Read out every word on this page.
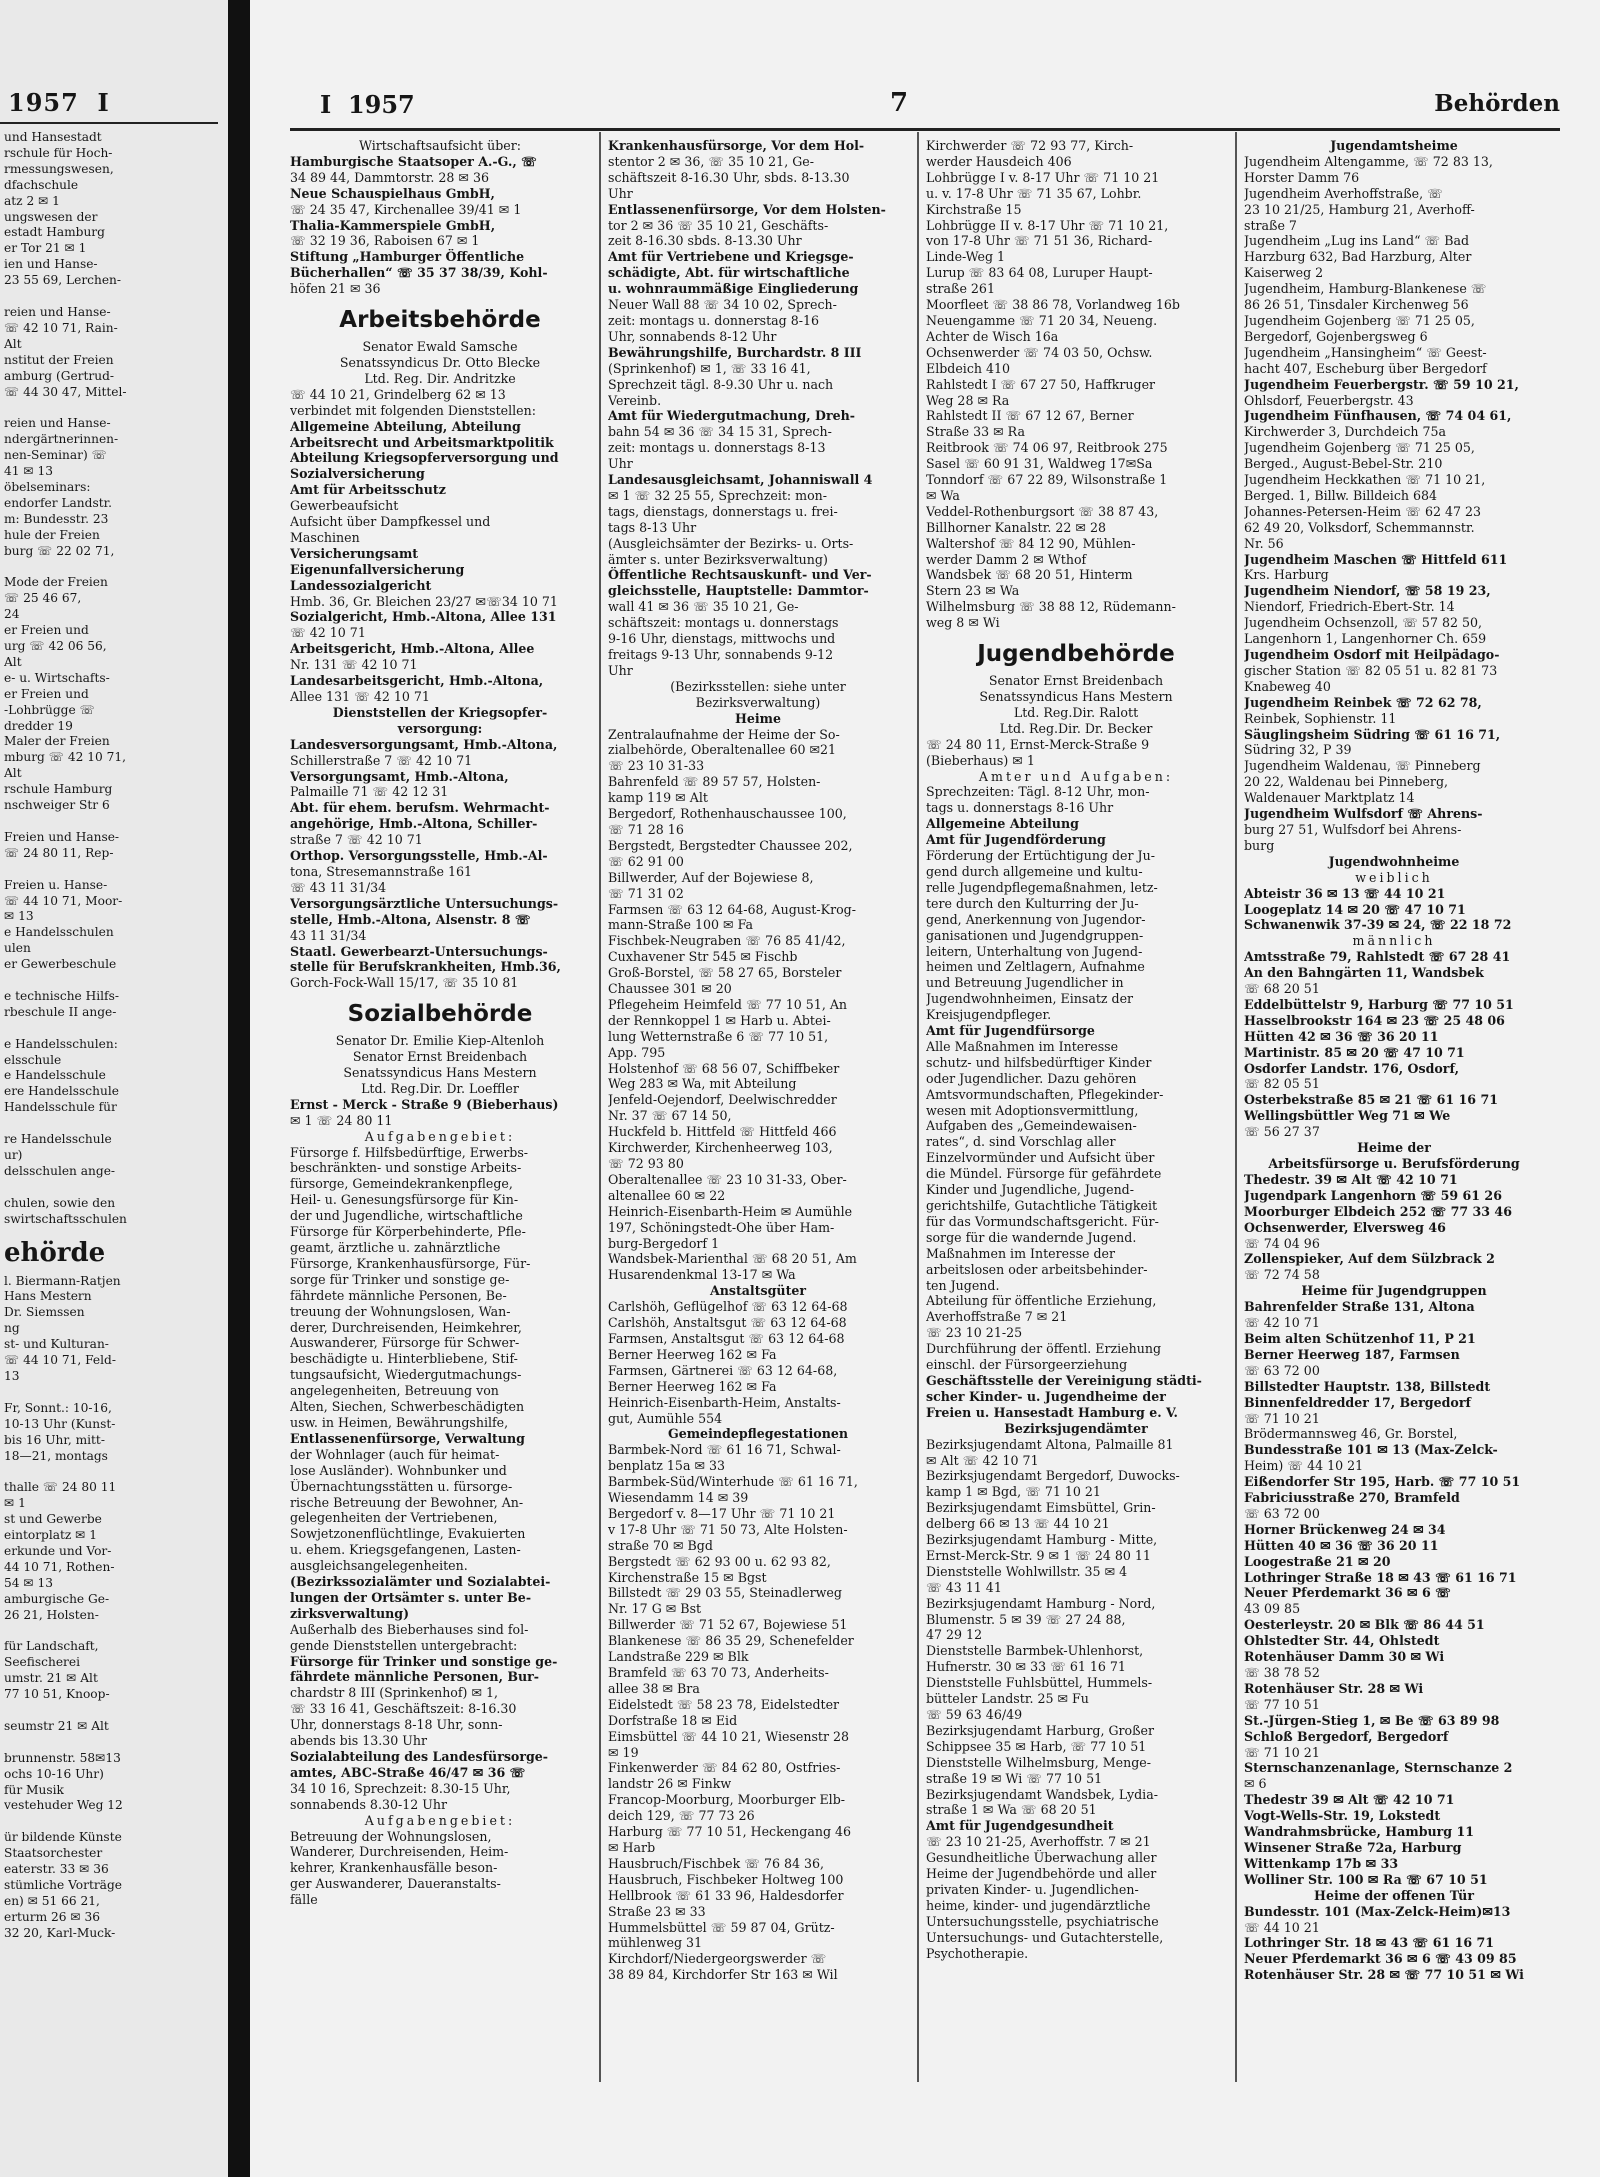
1957 I
und Hansestadt
rschule für Hoch-
rmessungswesen,
dfachschule
atz 2 ✉ 1
ungswesen der
estadt Hamburg
er Tor 21 ✉ 1
ien und Hanse-
23 55 69, Lerchen-

reien und Hanse-
☏ 42 10 71, Rain-
Alt
nstitut der Freien
amburg (Gertrud-
☏ 44 30 47, Mittel-

reien und Hanse-
ndergärtnerinnen-
nen-Seminar) ☏
41 ✉ 13
öbelseminars:
endorfer Landstr.
m: Bundesstr. 23
hule der Freien
burg ☏ 22 02 71,

Mode der Freien
☏ 25 46 67,
24
er Freien und
urg ☏ 42 06 56,
Alt
e- u. Wirtschafts-
er Freien und
-Lohbrügge ☏
dredder 19
Maler der Freien
mburg ☏ 42 10 71,
Alt
rschule Hamburg
nschweiger Str 6

Freien und Hanse-
☏ 24 80 11, Rep-

Freien u. Hanse-
☏ 44 10 71, Moor-
✉ 13
e Handelsschulen
ulen
er Gewerbeschule

e technische Hilfs-
rbeschule II ange-

e Handelsschulen:
elsschule
e Handelsschule
ere Handelsschule
Handelsschule für

re Handelsschule
ur)
delsschulen ange-

chulen, sowie den
swirtschaftsschulen
ehörde
l. Biermann-Ratjen
Hans Mestern
Dr. Siemssen
ng
st- und Kulturan-
☏ 44 10 71, Feld-
13

Fr, Sonnt.: 10-16,
10-13 Uhr (Kunst-
bis 16 Uhr, mitt-
18—21, montags

thalle ☏ 24 80 11
✉ 1
st und Gewerbe
eintorplatz ✉ 1
erkunde und Vor-
44 10 71, Rothen-
54 ✉ 13
amburgische Ge-
26 21, Holsten-

für Landschaft,
Seefischerei
umstr. 21 ✉ Alt
77 10 51, Knoop-

seumstr 21 ✉ Alt

brunnenstr. 58✉13
ochs 10-16 Uhr)
für Musik
vestehuder Weg 12

ür bildende Künste
Staatsorchester
eaterstr. 33 ✉ 36
stümliche Vorträge
en) ✉ 51 66 21,
erturm 26 ✉ 36
32 20, Karl-Muck-
I 1957	7	Behörden
Wirtschaftsaufsicht über:
Hamburgische Staatsoper A.-G., ☏
34 89 44, Dammtorstr. 28 ✉ 36
Neue Schauspielhaus GmbH,
☏ 24 35 47, Kirchenallee 39/41 ✉ 1
Thalia-Kammerspiele GmbH,
☏ 32 19 36, Raboisen 67 ✉ 1
Stiftung „Hamburger Öffentliche
Bücherhallen“ ☏ 35 37 38/39, Kohl-
höfen 21 ✉ 36
Arbeitsbehörde
Senator Ewald Samsche
Senatssyndicus Dr. Otto Blecke
Ltd. Reg. Dir. Andritzke
☏ 44 10 21, Grindelberg 62 ✉ 13
verbindet mit folgenden Dienststellen:
Allgemeine Abteilung, Abteilung
Arbeitsrecht und Arbeitsmarktpolitik
Abteilung Kriegsopferversorgung und
Sozialversicherung
Amt für Arbeitsschutz
Gewerbeaufsicht
Aufsicht über Dampfkessel und
Maschinen
Versicherungsamt
Eigenunfallversicherung
Landessozialgericht
Hmb. 36, Gr. Bleichen 23/27 ✉☏34 10 71
Sozialgericht, Hmb.-Altona, Allee 131
☏ 42 10 71
Arbeitsgericht, Hmb.-Altona, Allee
Nr. 131 ☏ 42 10 71
Landesarbeitsgericht, Hmb.-Altona,
Allee 131 ☏ 42 10 71
Dienststellen der Kriegsopfer-
versorgung:
Landesversorgungsamt, Hmb.-Altona,
Schillerstraße 7 ☏ 42 10 71
Versorgungsamt, Hmb.-Altona,
Palmaille 71 ☏ 42 12 31
Abt. für ehem. berufsm. Wehrmacht-
angehörige, Hmb.-Altona, Schiller-
straße 7 ☏ 42 10 71
Orthop. Versorgungsstelle, Hmb.-Al-
tona, Stresemannstraße 161
☏ 43 11 31/34
Versorgungsärztliche Untersuchungs-
stelle, Hmb.-Altona, Alsenstr. 8 ☏
43 11 31/34
Staatl. Gewerbearzt-Untersuchungs-
stelle für Berufskrankheiten, Hmb.36,
Gorch-Fock-Wall 15/17, ☏ 35 10 81
Sozialbehörde
Senator Dr. Emilie Kiep-Altenloh
Senator Ernst Breidenbach
Senatssyndicus Hans Mestern
Ltd. Reg.Dir. Dr. Loeffler
Ernst - Merck - Straße 9 (Bieberhaus)
✉ 1 ☏ 24 80 11
Aufgabengebiet:
Fürsorge f. Hilfsbedürftige, Erwerbs-
beschränkten- und sonstige Arbeits-
fürsorge, Gemeindekrankenpflege,
Heil- u. Genesungsfürsorge für Kin-
der und Jugendliche, wirtschaftliche
Fürsorge für Körperbehinderte, Pfle-
geamt, ärztliche u. zahnärztliche
Fürsorge, Krankenhausfürsorge, Für-
sorge für Trinker und sonstige ge-
fährdete männliche Personen, Be-
treuung der Wohnungslosen, Wan-
derer, Durchreisenden, Heimkehrer,
Auswanderer, Fürsorge für Schwer-
beschädigte u. Hinterbliebene, Stif-
tungsaufsicht, Wiedergutmachungs-
angelegenheiten, Betreuung von
Alten, Siechen, Schwerbeschädigten
usw. in Heimen, Bewährungshilfe,
Entlassenenfürsorge, Verwaltung
der Wohnlager (auch für heimat-
lose Ausländer). Wohnbunker und
Übernachtungsstätten u. fürsorge-
rische Betreuung der Bewohner, An-
gelegenheiten der Vertriebenen,
Sowjetzonenflüchtlinge, Evakuierten
u. ehem. Kriegsgefangenen, Lasten-
ausgleichsangelegenheiten.
(Bezirkssozialämter und Sozialabtei-
lungen der Ortsämter s. unter Be-
zirksverwaltung)
Außerhalb des Bieberhauses sind fol-
gende Dienststellen untergebracht:
Fürsorge für Trinker und sonstige ge-
fährdete männliche Personen, Bur-
chardstr 8 III (Sprinkenhof) ✉ 1,
☏ 33 16 41, Geschäftszeit: 8-16.30
Uhr, donnerstags 8-18 Uhr, sonn-
abends bis 13.30 Uhr
Sozialabteilung des Landesfürsorge-
amtes, ABC-Straße 46/47 ✉ 36 ☏
34 10 16, Sprechzeit: 8.30-15 Uhr,
sonnabends 8.30-12 Uhr
Aufgabengebiet:
Betreuung der Wohnungslosen,
Wanderer, Durchreisenden, Heim-
kehrer, Krankenhausfälle beson-
ger Auswanderer, Daueranstalts-
fälle
Krankenhausfürsorge, Vor dem Hol-
stentor 2 ✉ 36, ☏ 35 10 21, Ge-
schäftszeit 8-16.30 Uhr, sbds. 8-13.30
Uhr
Entlassenenfürsorge, Vor dem Holsten-
tor 2 ✉ 36 ☏ 35 10 21, Geschäfts-
zeit 8-16.30 sbds. 8-13.30 Uhr
Amt für Vertriebene und Kriegsge-
schädigte, Abt. für wirtschaftliche
u. wohnraummäßige Eingliederung
Neuer Wall 88 ☏ 34 10 02, Sprech-
zeit: montags u. donnerstag 8-16
Uhr, sonnabends 8-12 Uhr
Bewährungshilfe, Burchardstr. 8 III
(Sprinkenhof) ✉ 1, ☏ 33 16 41,
Sprechzeit tägl. 8-9.30 Uhr u. nach
Vereinb.
Amt für Wiedergutmachung, Dreh-
bahn 54 ✉ 36 ☏ 34 15 31, Sprech-
zeit: montags u. donnerstags 8-13
Uhr
Landesausgleichsamt, Johanniswall 4
✉ 1 ☏ 32 25 55, Sprechzeit: mon-
tags, dienstags, donnerstags u. frei-
tags 8-13 Uhr
(Ausgleichsämter der Bezirks- u. Orts-
ämter s. unter Bezirksverwaltung)
Öffentliche Rechtsauskunft- und Ver-
gleichsstelle, Hauptstelle: Dammtor-
wall 41 ✉ 36 ☏ 35 10 21, Ge-
schäftszeit: montags u. donnerstags
9-16 Uhr, dienstags, mittwochs und
freitags 9-13 Uhr, sonnabends 9-12
Uhr
(Bezirksstellen: siehe unter
Bezirksverwaltung)
Heime
Zentralaufnahme der Heime der So-
zialbehörde, Oberaltenallee 60 ✉21
☏ 23 10 31-33
Bahrenfeld ☏ 89 57 57, Holsten-
kamp 119 ✉ Alt
Bergedorf, Rothenhauschaussee 100,
☏ 71 28 16
Bergstedt, Bergstedter Chaussee 202,
☏ 62 91 00
Billwerder, Auf der Bojewiese 8,
☏ 71 31 02
Farmsen ☏ 63 12 64-68, August-Krog-
mann-Straße 100 ✉ Fa
Fischbek-Neugraben ☏ 76 85 41/42,
Cuxhavener Str 545 ✉ Fischb
Groß-Borstel, ☏ 58 27 65, Borsteler
Chaussee 301 ✉ 20
Pflegeheim Heimfeld ☏ 77 10 51, An
der Rennkoppel 1 ✉ Harb u. Abtei-
lung Wetternstraße 6 ☏ 77 10 51,
App. 795
Holstenhof ☏ 68 56 07, Schiffbeker
Weg 283 ✉ Wa, mit Abteilung
Jenfeld-Oejendorf, Deelwischredder
Nr. 37 ☏ 67 14 50,
Huckfeld b. Hittfeld ☏ Hittfeld 466
Kirchwerder, Kirchenheerweg 103,
☏ 72 93 80
Oberaltenallee ☏ 23 10 31-33, Ober-
altenallee 60 ✉ 22
Heinrich-Eisenbarth-Heim ✉ Aumühle
197, Schöningstedt-Ohe über Ham-
burg-Bergedorf 1
Wandsbek-Marienthal ☏ 68 20 51, Am
Husarendenkmal 13-17 ✉ Wa
Anstaltsgüter
Carlshöh, Geflügelhof ☏ 63 12 64-68
Carlshöh, Anstaltsgut ☏ 63 12 64-68
Farmsen, Anstaltsgut ☏ 63 12 64-68
Berner Heerweg 162 ✉ Fa
Farmsen, Gärtnerei ☏ 63 12 64-68,
Berner Heerweg 162 ✉ Fa
Heinrich-Eisenbarth-Heim, Anstalts-
gut, Aumühle 554
Gemeindepflegestationen
Barmbek-Nord ☏ 61 16 71, Schwal-
benplatz 15a ✉ 33
Barmbek-Süd/Winterhude ☏ 61 16 71,
Wiesendamm 14 ✉ 39
Bergedorf v. 8—17 Uhr ☏ 71 10 21
v 17-8 Uhr ☏ 71 50 73, Alte Holsten-
straße 70 ✉ Bgd
Bergstedt ☏ 62 93 00 u. 62 93 82,
Kirchenstraße 15 ✉ Bgst
Billstedt ☏ 29 03 55, Steinadlerweg
Nr. 17 G ✉ Bst
Billwerder ☏ 71 52 67, Bojewiese 51
Blankenese ☏ 86 35 29, Schenefelder
Landstraße 229 ✉ Blk
Bramfeld ☏ 63 70 73, Anderheits-
allee 38 ✉ Bra
Eidelstedt ☏ 58 23 78, Eidelstedter
Dorfstraße 18 ✉ Eid
Eimsbüttel ☏ 44 10 21, Wiesenstr 28
✉ 19
Finkenwerder ☏ 84 62 80, Ostfries-
landstr 26 ✉ Finkw
Francop-Moorburg, Moorburger Elb-
deich 129, ☏ 77 73 26
Harburg ☏ 77 10 51, Heckengang 46
✉ Harb
Hausbruch/Fischbek ☏ 76 84 36,
Hausbruch, Fischbeker Holtweg 100
Hellbrook ☏ 61 33 96, Haldesdorfer
Straße 23 ✉ 33
Hummelsbüttel ☏ 59 87 04, Grütz-
mühlenweg 31
Kirchdorf/Niedergeorgswerder ☏
38 89 84, Kirchdorfer Str 163 ✉ Wil
Kirchwerder ☏ 72 93 77, Kirch-
werder Hausdeich 406
Lohbrügge I v. 8-17 Uhr ☏ 71 10 21
u. v. 17-8 Uhr ☏ 71 35 67, Lohbr.
Kirchstraße 15
Lohbrügge II v. 8-17 Uhr ☏ 71 10 21,
von 17-8 Uhr ☏ 71 51 36, Richard-
Linde-Weg 1
Lurup ☏ 83 64 08, Luruper Haupt-
straße 261
Moorfleet ☏ 38 86 78, Vorlandweg 16b
Neuengamme ☏ 71 20 34, Neueng.
Achter de Wisch 16a
Ochsenwerder ☏ 74 03 50, Ochsw.
Elbdeich 410
Rahlstedt I ☏ 67 27 50, Haffkruger
Weg 28 ✉ Ra
Rahlstedt II ☏ 67 12 67, Berner
Straße 33 ✉ Ra
Reitbrook ☏ 74 06 97, Reitbrook 275
Sasel ☏ 60 91 31, Waldweg 17✉Sa
Tonndorf ☏ 67 22 89, Wilsonstraße 1
✉ Wa
Veddel-Rothenburgsort ☏ 38 87 43,
Billhorner Kanalstr. 22 ✉ 28
Waltershof ☏ 84 12 90, Mühlen-
werder Damm 2 ✉ Wthof
Wandsbek ☏ 68 20 51, Hinterm
Stern 23 ✉ Wa
Wilhelmsburg ☏ 38 88 12, Rüdemann-
weg 8 ✉ Wi
Jugendbehörde
Senator Ernst Breidenbach
Senatssyndicus Hans Mestern
Ltd. Reg.Dir. Ralott
Ltd. Reg.Dir. Dr. Becker
☏ 24 80 11, Ernst-Merck-Straße 9
(Bieberhaus) ✉ 1
Amter und Aufgaben:
Sprechzeiten: Tägl. 8-12 Uhr, mon-
tags u. donnerstags 8-16 Uhr
Allgemeine Abteilung
Amt für Jugendförderung
Förderung der Ertüchtigung der Ju-
gend durch allgemeine und kultu-
relle Jugendpflegemaßnahmen, letz-
tere durch den Kulturring der Ju-
gend, Anerkennung von Jugendor-
ganisationen und Jugendgruppen-
leitern, Unterhaltung von Jugend-
heimen und Zeltlagern, Aufnahme
und Betreuung Jugendlicher in
Jugendwohnheimen, Einsatz der
Kreisjugendpfleger.
Amt für Jugendfürsorge
Alle Maßnahmen im Interesse
schutz- und hilfsbedürftiger Kinder
oder Jugendlicher. Dazu gehören
Amtsvormundschaften, Pflegekinder-
wesen mit Adoptionsvermittlung,
Aufgaben des „Gemeindewaisen-
rates“, d. sind Vorschlag aller
Einzelvormünder und Aufsicht über
die Mündel. Fürsorge für gefährdete
Kinder und Jugendliche, Jugend-
gerichtshilfe, Gutachtliche Tätigkeit
für das Vormundschaftsgericht. Für-
sorge für die wandernde Jugend.
Maßnahmen im Interesse der
arbeitslosen oder arbeitsbehinder-
ten Jugend.
Abteilung für öffentliche Erziehung,
Averhoffstraße 7 ✉ 21
☏ 23 10 21-25
Durchführung der öffentl. Erziehung
einschl. der Fürsorgeerziehung
Geschäftsstelle der Vereinigung städti-
scher Kinder- u. Jugendheime der
Freien u. Hansestadt Hamburg e. V.
Bezirksjugendämter
Bezirksjugendamt Altona, Palmaille 81
✉ Alt ☏ 42 10 71
Bezirksjugendamt Bergedorf, Duwocks-
kamp 1 ✉ Bgd, ☏ 71 10 21
Bezirksjugendamt Eimsbüttel, Grin-
delberg 66 ✉ 13 ☏ 44 10 21
Bezirksjugendamt Hamburg - Mitte,
Ernst-Merck-Str. 9 ✉ 1 ☏ 24 80 11
Dienststelle Wohlwillstr. 35 ✉ 4
☏ 43 11 41
Bezirksjugendamt Hamburg - Nord,
Blumenstr. 5 ✉ 39 ☏ 27 24 88,
47 29 12
Dienststelle Barmbek-Uhlenhorst,
Hufnerstr. 30 ✉ 33 ☏ 61 16 71
Dienststelle Fuhlsbüttel, Hummels-
bütteler Landstr. 25 ✉ Fu
☏ 59 63 46/49
Bezirksjugendamt Harburg, Großer
Schippsee 35 ✉ Harb, ☏ 77 10 51
Dienststelle Wilhelmsburg, Menge-
straße 19 ✉ Wi ☏ 77 10 51
Bezirksjugendamt Wandsbek, Lydia-
straße 1 ✉ Wa ☏ 68 20 51
Amt für Jugendgesundheit
☏ 23 10 21-25, Averhoffstr. 7 ✉ 21
Gesundheitliche Überwachung aller
Heime der Jugendbehörde und aller
privaten Kinder- u. Jugendlichen-
heime, kinder- und jugendärztliche
Untersuchungsstelle, psychiatrische
Untersuchungs- und Gutachterstelle,
Psychotherapie.
Jugendamtsheime
Jugendheim Altengamme, ☏ 72 83 13,
Horster Damm 76
Jugendheim Averhoffstraße, ☏
23 10 21/25, Hamburg 21, Averhoff-
straße 7
Jugendheim „Lug ins Land“ ☏ Bad
Harzburg 632, Bad Harzburg, Alter
Kaiserweg 2
Jugendheim, Hamburg-Blankenese ☏
86 26 51, Tinsdaler Kirchenweg 56
Jugendheim Gojenberg ☏ 71 25 05,
Bergedorf, Gojenbergsweg 6
Jugendheim „Hansingheim“ ☏ Geest-
hacht 407, Escheburg über Bergedorf
Jugendheim Feuerbergstr. ☏ 59 10 21,
Ohlsdorf, Feuerbergstr. 43
Jugendheim Fünfhausen, ☏ 74 04 61,
Kirchwerder 3, Durchdeich 75a
Jugendheim Gojenberg ☏ 71 25 05,
Berged., August-Bebel-Str. 210
Jugendheim Heckkathen ☏ 71 10 21,
Berged. 1, Billw. Billdeich 684
Johannes-Petersen-Heim ☏ 62 47 23
62 49 20, Volksdorf, Schemmannstr.
Nr. 56
Jugendheim Maschen ☏ Hittfeld 611
Krs. Harburg
Jugendheim Niendorf, ☏ 58 19 23,
Niendorf, Friedrich-Ebert-Str. 14
Jugendheim Ochsenzoll, ☏ 57 82 50,
Langenhorn 1, Langenhorner Ch. 659
Jugendheim Osdorf mit Heilpädago-
gischer Station ☏ 82 05 51 u. 82 81 73
Knabeweg 40
Jugendheim Reinbek ☏ 72 62 78,
Reinbek, Sophienstr. 11
Säuglingsheim Südring ☏ 61 16 71,
Südring 32, P 39
Jugendheim Waldenau, ☏ Pinneberg
20 22, Waldenau bei Pinneberg,
Waldenauer Marktplatz 14
Jugendheim Wulfsdorf ☏ Ahrens-
burg 27 51, Wulfsdorf bei Ahrens-
burg
Jugendwohnheime
weiblich
Abteistr 36 ✉ 13 ☏ 44 10 21
Loogeplatz 14 ✉ 20 ☏ 47 10 71
Schwanenwik 37-39 ✉ 24, ☏ 22 18 72
männlich
Amtsstraße 79, Rahlstedt ☏ 67 28 41
An den Bahngärten 11, Wandsbek
☏ 68 20 51
Eddelbüttelstr 9, Harburg ☏ 77 10 51
Hasselbrookstr 164 ✉ 23 ☏ 25 48 06
Hütten 42 ✉ 36 ☏ 36 20 11
Martinistr. 85 ✉ 20 ☏ 47 10 71
Osdorfer Landstr. 176, Osdorf,
☏ 82 05 51
Osterbekstraße 85 ✉ 21 ☏ 61 16 71
Wellingsbüttler Weg 71 ✉ We
☏ 56 27 37
Heime der
Arbeitsfürsorge u. Berufsförderung
Thedestr. 39 ✉ Alt ☏ 42 10 71
Jugendpark Langenhorn ☏ 59 61 26
Moorburger Elbdeich 252 ☏ 77 33 46
Ochsenwerder, Elversweg 46
☏ 74 04 96
Zollenspieker, Auf dem Sülzbrack 2
☏ 72 74 58
Heime für Jugendgruppen
Bahrenfelder Straße 131, Altona
☏ 42 10 71
Beim alten Schützenhof 11, P 21
Berner Heerweg 187, Farmsen
☏ 63 72 00
Billstedter Hauptstr. 138, Billstedt
Binnenfeldredder 17, Bergedorf
☏ 71 10 21
Brödermannsweg 46, Gr. Borstel,
Bundesstraße 101 ✉ 13 (Max-Zelck-
Heim) ☏ 44 10 21
Eißendorfer Str 195, Harb. ☏ 77 10 51
Fabriciusstraße 270, Bramfeld
☏ 63 72 00
Horner Brückenweg 24 ✉ 34
Hütten 40 ✉ 36 ☏ 36 20 11
Loogestraße 21 ✉ 20
Lothringer Straße 18 ✉ 43 ☏ 61 16 71
Neuer Pferdemarkt 36 ✉ 6 ☏
43 09 85
Oesterleystr. 20 ✉ Blk ☏ 86 44 51
Ohlstedter Str. 44, Ohlstedt
Rotenhäuser Damm 30 ✉ Wi
☏ 38 78 52
Rotenhäuser Str. 28 ✉ Wi
☏ 77 10 51
St.-Jürgen-Stieg 1, ✉ Be ☏ 63 89 98
Schloß Bergedorf, Bergedorf
☏ 71 10 21
Sternschanzenanlage, Sternschanze 2
✉ 6
Thedestr 39 ✉ Alt ☏ 42 10 71
Vogt-Wells-Str. 19, Lokstedt
Wandrahmsbrücke, Hamburg 11
Winsener Straße 72a, Harburg
Wittenkamp 17b ✉ 33
Wolliner Str. 100 ✉ Ra ☏ 67 10 51
Heime der offenen Tür
Bundesstr. 101 (Max-Zelck-Heim)✉13
☏ 44 10 21
Lothringer Str. 18 ✉ 43 ☏ 61 16 71
Neuer Pferdemarkt 36 ✉ 6 ☏ 43 09 85
Rotenhäuser Str. 28 ✉ ☏ 77 10 51 ✉ Wi
